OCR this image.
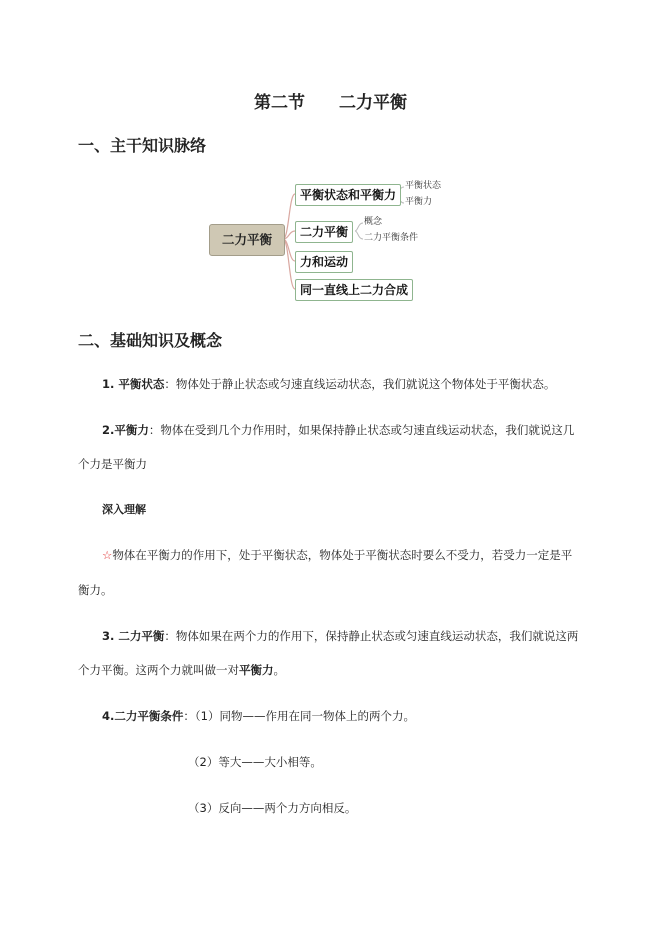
第二节 二力平衡
一、主干知识脉络
二力平衡
平衡状态和平衡力
平衡状态
平衡力
二力平衡
概念
二力平衡条件
力和运动
同一直线上二力合成
二、基础知识及概念
1. 平衡状态：物体处于静止状态或匀速直线运动状态，我们就说这个物体处于平衡状态。
2.平衡力：物体在受到几个力作用时，如果保持静止状态或匀速直线运动状态，我们就说这几
个力是平衡力
深入理解
☆物体在平衡力的作用下，处于平衡状态，物体处于平衡状态时要么不受力，若受力一定是平
衡力。
3. 二力平衡：物体如果在两个力的作用下，保持静止状态或匀速直线运动状态，我们就说这两
个力平衡。这两个力就叫做一对平衡力。
4.二力平衡条件：（1）同物——作用在同一物体上的两个力。
（2）等大——大小相等。
（3）反向——两个力方向相反。
